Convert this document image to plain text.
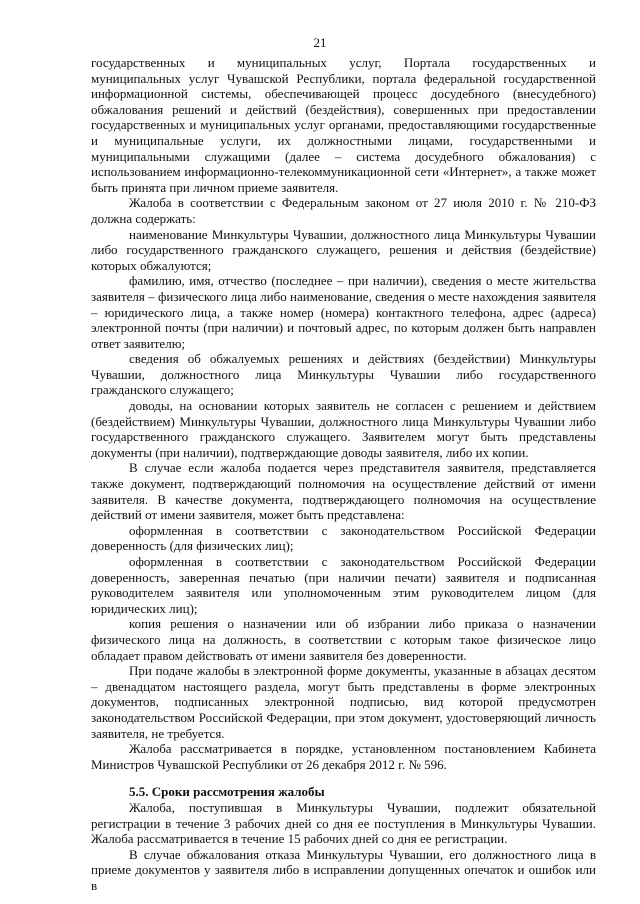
21
государственных и муниципальных услуг, Портала государственных и
муниципальных услуг Чувашской Республики, портала федеральной государственной
информационной системы, обеспечивающей процесс досудебного (внесудебного)
обжалования решений и действий (бездействия), совершенных при предоставлении
государственных и муниципальных услуг органами, предоставляющими государственные
и муниципальные услуги, их должностными лицами, государственными и
муниципальными служащими (далее – система досудебного обжалования) с
использованием информационно-телекоммуникационной сети «Интернет», а также может
быть принята при личном приеме заявителя.
Жалоба в соответствии с Федеральным законом от 27 июля 2010 г. № 210-ФЗ
должна содержать:
наименование Минкультуры Чувашии, должностного лица Минкультуры Чувашии
либо государственного гражданского служащего, решения и действия (бездействие)
которых обжалуются;
фамилию, имя, отчество (последнее – при наличии), сведения о месте жительства
заявителя – физического лица либо наименование, сведения о месте нахождения заявителя
– юридического лица, а также номер (номера) контактного телефона, адрес (адреса)
электронной почты (при наличии) и почтовый адрес, по которым должен быть направлен
ответ заявителю;
сведения об обжалуемых решениях и действиях (бездействии) Минкультуры
Чувашии, должностного лица Минкультуры Чувашии либо государственного
гражданского служащего;
доводы, на основании которых заявитель не согласен с решением и действием
(бездействием) Минкультуры Чувашии, должностного лица Минкультуры Чувашии либо
государственного гражданского служащего. Заявителем могут быть представлены
документы (при наличии), подтверждающие доводы заявителя, либо их копии.
В случае если жалоба подается через представителя заявителя, представляется
также документ, подтверждающий полномочия на осуществление действий от имени
заявителя. В качестве документа, подтверждающего полномочия на осуществление
действий от имени заявителя, может быть представлена:
оформленная в соответствии с законодательством Российской Федерации
доверенность (для физических лиц);
оформленная в соответствии с законодательством Российской Федерации
доверенность, заверенная печатью (при наличии печати) заявителя и подписанная
руководителем заявителя или уполномоченным этим руководителем лицом (для
юридических лиц);
копия решения о назначении или об избрании либо приказа о назначении
физического лица на должность, в соответствии с которым такое физическое лицо
обладает правом действовать от имени заявителя без доверенности.
При подаче жалобы в электронной форме документы, указанные в абзацах десятом
– двенадцатом настоящего раздела, могут быть представлены в форме электронных
документов, подписанных электронной подписью, вид которой предусмотрен
законодательством Российской Федерации, при этом документ, удостоверяющий личность
заявителя, не требуется.
Жалоба рассматривается в порядке, установленном постановлением Кабинета
Министров Чувашской Республики от 26 декабря 2012 г. № 596.
5.5. Сроки рассмотрения жалобы
Жалоба, поступившая в Минкультуры Чувашии, подлежит обязательной
регистрации в течение 3 рабочих дней со дня ее поступления в Минкультуры Чувашии.
Жалоба рассматривается в течение 15 рабочих дней со дня ее регистрации.
В случае обжалования отказа Минкультуры Чувашии, его должностного лица в
приеме документов у заявителя либо в исправлении допущенных опечаток и ошибок или в
